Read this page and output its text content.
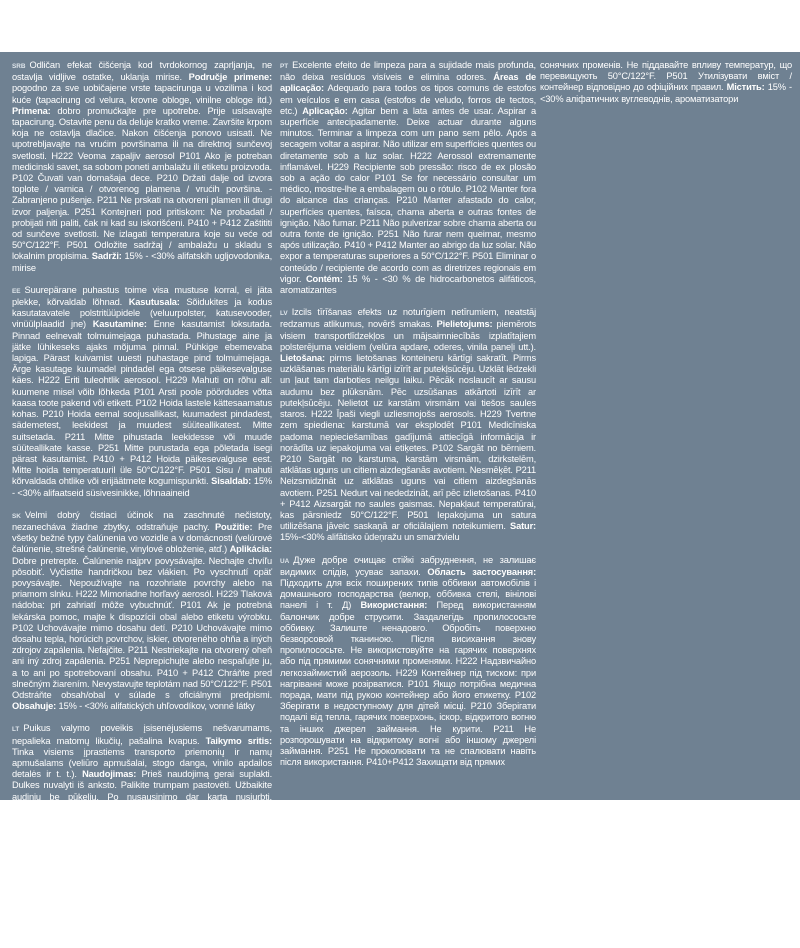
SRB Odličan efekat čišćenja kod tvrdokornog zaprljanja, ne ostavlja vidljive ostatke, uklanja mirise. Područje primene: pogodno za sve uobičajene vrste tapacirunga u vozilima i kod kuće (tapacirung od velura, krovne obloge, vinilne obloge itd.) Primena: dobro promućkajte pre upotrebe. Prije usisavajte tapacirung. Ostavite penu da deluje kratko vreme. Završite krpom koja ne ostavlja dlačice. Nakon čišćenja ponovo usisati. Ne upotrebljavajte na vrućim površinama ili na direktnoj sunčevoj svetlosti. H222 Veoma zapaljiv aerosol P101 Ako je potreban medicinski savet, sa sobom poneti ambalažu ili etiketu proizvoda. P102 Čuvati van domašaja dece. P210 Držati dalje od izvora toplote / varnica / otvorenog plamena / vrućih površina. - Zabranjeno pušenje. P211 Ne prskati na otvoreni plamen ili drugi izvor paljenja. P251 Kontejneri pod pritiskom: Ne probadati / probijati niti paliti, čak ni kad su iskorišćeni. P410 + P412 Zaštititi od sunčeve svetlosti. Ne izlagati temperatura koje su veće od 50°C/122°F. P501 Odložite sadržaj / ambalažu u skladu s lokalnim propisima. Sadrži: 15% - <30% alifatskih ugljovodonika, mirise

EE Suurepärane puhastus toime visa mustuse korral, ei jäta plekke, kõrvaldab lõhnad. Kasutusala: Sõidukites ja kodus kasutatavatele polstritüüpidele (veluurpolster, katusevooder, vinüülplaadid jne) Kasutamine: Enne kasutamist loksutada. Pinnad eelnevalt tolmuimejaga puhastada. Pihustage aine ja jätke lühikeseks ajaks mõjuma pinnal. Pühkige ebemevaba lapiga. Pärast kuivamist uuesti puhastage pind tolmuimejaga. Ärge kasutage kuumadel pindadel ega otsese päikesevalguse käes. H222 Eriti tuleohtlik aerosool. H229 Mahuti on rõhu all: kuumene misel võib lõhkeda P101 Arsti poole pöördudes võtta kaasa toote pakend või etikett. P102 Hoida lastele kättesaamatus kohas. P210 Hoida eemal soojusallikast, kuumadest pindadest, sädemetest, leekidest ja muudest süüteallikatest. Mitte suitsetada. P211 Mitte pihustada leekidesse või muude süüteallikate kasse. P251 Mitte purustada ega põletada isegi pärast kasutamist. P410 + P412 Hoida päikesevalguse eest. Mitte hoida temperatuuril üle 50°C/122°F. P501 Sisu / mahuti kõrvaldada ohtlike või erijäätmete kogumispunkti. Sisaldab: 15% - <30% alifaatseid süsivesinikke, lõhnaaineid

SK Velmi dobrý čistiaci účinok na zaschnuté nečistoty, nezanecháva žiadne zbytky, odstraňuje pachy. Použitie: Pre všetky bežné typy čalúnenia vo vozidle a v domácnosti (velúrové čalúnenie, strešné čalúnenie, vinylové obloženie, atď.) Aplikácia: Dobre pretrepte. Čalúnenie najprv povysávajte. Nechajte chvíľu pôsobiť. Vyčistite handričkou bez vlákien. Po vyschnutí opäť povysávajte. Nepoužívajte na rozohriate povrchy alebo na priamom slnku. H222 Mimoriadne horľavý aerosól. H229 Tlaková nádoba: pri zahriatí môže vybuchnúť. P101 Ak je potrebná lekárska pomoc, majte k dispozícii obal alebo etiketu výrobku. P102 Uchovávajte mimo dosahu detí. P210 Uchovávajte mimo dosahu tepla, horúcich povrchov, iskier, otvoreného ohňa a iných zdrojov zapálenia. Nefajčite. P211 Nestriekajte na otvorený oheň ani iný zdroj zapálenia. P251 Neprepichujte alebo nespaľujte ju, a to ani po spotrebovaní obsahu. P410 + P412 Chráňte pred slnečným žiarením. Nevystavujte teplotám nad 50°C/122°F. P501 Odstráňte obsah/obal v súlade s oficiálnymi predpismi. Obsahuje: 15% - <30% alifatických uhľovodíkov, vonné látky

LT Puikus valymo poveikis įsisenėjusiems nešvarumams, nepalieka matomų likučių, pašalina kvapus. Taikymo sritis: Tinka visiems įprastiems transporto priemonių ir namų apmušalams (veliūro apmušalai, stogo danga, vinilo apdailos detalės ir t. t.). Naudojimas: Prieš naudojimą gerai suplakti. Dulkes nuvalyti iš anksto. Palikite trumpam pastovėti. Užbaikite audiniu be pūkelių. Po nusausinimo dar kartą nusiurbti. Nenaudokite ant karštų paviršių ar tiesioginiuose saulės spinduliuose. H222 Ypač degus aerozolis. H229 Slėginė talpyklė. Kaitinama gali sprogti. P101 Jei reikalinga gydytojo konsultacija, su savimi turėkite produkto talpyklą ar jo etiketę. P102 Laikyti vaikams neprieinamoje vietoje. P210 Laikyti atokiau nuo šilumos šaltinių, karštų paviršių, žiežirbų, atviros liepsnos arba kitų degimo šaltinių. Nerūkyti. P211 Nepurkšti į atvirą liepsną arba kitus degimo šaltinius. P251 Nepradurti ir nedeginti net panaudoto. P410 + P412 Saugoti nuo saulės šviesos. Nelaikyti aukštesnėje kaip 50°C/122°F temperatūroje. P501 Turinį / talpyklą utilizuoti pagal vietinius reikalavimus. Sudėtyje yra: 15% - <30% alifatinių angliavandenilių, kvapiųjų medžiagų

PT Excelente efeito de limpeza para a sujidade mais profunda, não deixa resíduos visíveis e elimina odores. Áreas de aplicação: Adequado para todos os tipos comuns de estofos em veículos e em casa (estofos de veludo, forros de tectos, etc.) Aplicação: Agitar bem a lata antes de usar. Aspirar a superfície antecipadamente. Deixe actuar durante alguns minutos. Terminar a limpeza com um pano sem pêlo. Após a secagem voltar a aspirar. Não utilizar em superfícies quentes ou diretamente sob a luz solar. H222 Aerossol extremamente inflamável. H229 Recipiente sob pressão: risco de ex plosão sob a ação do calor P101 Se for necessário consultar um médico, mostre-lhe a embalagem ou o rótulo. P102 Manter fora do alcance das crianças. P210 Manter afastado do calor, superfícies quentes, faísca, chama aberta e outras fontes de ignição. Não fumar. P211 Não pulverizar sobre chama aberta ou outra fonte de ignição. P251 Não furar nem queimar, mesmo após utilização. P410 + P412 Manter ao abrigo da luz solar. Não expor a temperaturas superiores a 50°C/122°F. P501 Eliminar o conteúdo / recipiente de acordo com as diretrizes regionais em vigor. Contém: 15 % - <30 % de hidrocarbonetos alifáticos, aromatizantes

LV Izcils tīrīšanas efekts uz noturīgiem netīrumiem, neatstāj redzamus atlikumus, novērš smakas. Pielietojums: piemērots visiem transportlīdzekļos un mājsaimniecībās izplatītajiem polsterējuma veidiem (velūra apdare, oderes, vinila paneļi utt.). Lietošana: pirms lietošanas konteineru kārtīgi sakratīt. Pirms uzklāšanas materiālu kārtīgi izīrīt ar putekļsūcēju. Uzklāt lēdzekli un ļaut tam darboties neilgu laiku. Pēcāk noslaucīt ar sausu audumu bez plūksnām. Pēc uzsūšanas atkārtoti izīrīt ar putekļsūcēju. Nelietot uz karstām virsmām vai tiešos saules staros. H222 Īpaši viegli uzliesmojošs aerosols. H229 Tvertne zem spiediena: karstumā var eksplodēt P101 Medicīniska padoma nepieciešamības gadījumā attiecīgā informācija ir norādīta uz iepakojuma vai etiķetes. P102 Sargāt no bērniem. P210 Sargāt no karstuma, karstām virsmām, dzirkstelēm, atklātas uguns un citiem aizdegšanās avotiem. Nesmēķēt. P211 Neizsmidzināt uz atklātas uguns vai citiem aizdegšanās avotiem. P251 Nedurt vai nededzināt, arī pēc izlietošanas. P410 + P412 Aizsargāt no saules gaismas. Nepakļaut temperatūrai, kas pārsniedz 50°C/122°F. P501 Iepakojuma un satura utilizēšana jāveic saskaņā ar oficiālajiem noteikumiem. Satur: 15%-<30% alifātisko ūdeņražu un smaržvielu

UA Дуже добре очищає стійкі забруднення, не залишає видимих слідів, усуває запахи. Область застосування: Підходить для всіх поширених типів оббивки автомобілів і домашнього господарства (велюр, оббивка стелі, вінілові панелі і т. Д) Використання: Перед використанням балончик добре струсити. Заздалегідь пропилососьте оббивку. Залиште ненадовго. Обробіть поверхню безворсовой тканиною. Після висихання знову пропилососьте. Не використовуйте на гарячих поверхнях або під прямими сонячними променями. H222 Надзвичайно легкозаймистий аерозоль. H229 Контейнер під тиском: при нагріванні може розірватися. P101 Якщо потрібна медична порада, мати під рукою контейнер або його етикетку. P102 Зберігати в недоступному для дітей місці. P210 Зберігати подалі від тепла, гарячих поверхонь, іскор, відкритого вогню та інших джерел займання. Не курити. P211 Не розпорошувати на відкритому вогні або іншому джерелі займання. P251 Не проколювати та не спалювати навіть після використання. P410+P412 Захищати від прямих

сонячних променів. Не піддавайте впливу температур, що перевищують 50°C/122°F. P501 Утилізувати вміст / контейнер відповідно до офіційних правил. Містить: 15% - <30% аліфатичних вуглеводнів, ароматизатори
